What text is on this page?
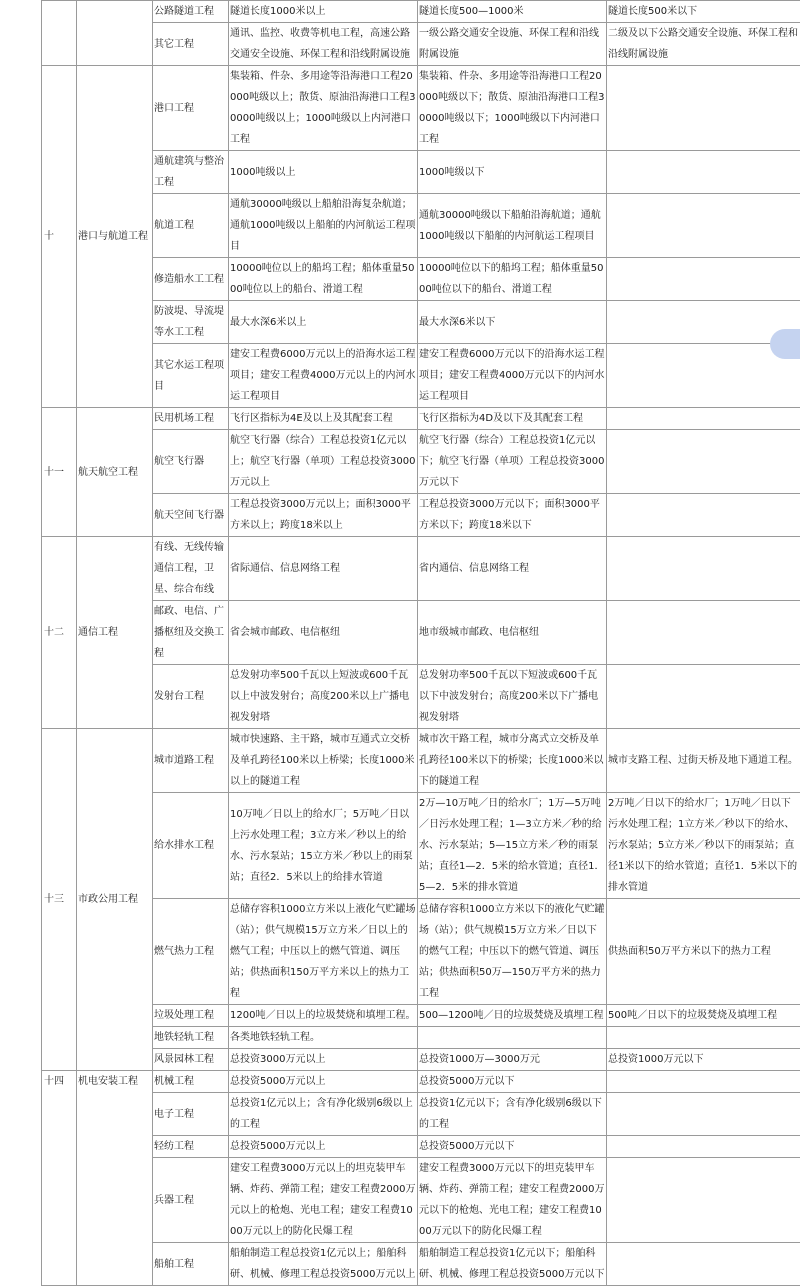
		公路隧道工程	隧道长度1000米以上	隧道长度500—1000米	隧道长度500米以下
		其它工程	通讯、监控、收费等机电工程，高速公路交通安全设施、环保工程和沿线附属设施	一级公路交通安全设施、环保工程和沿线附属设施	二级及以下公路交通安全设施、环保工程和沿线附属设施
十	港口与航道工程	港口工程	集装箱、件杂、多用途等沿海港口工程20000吨级以上；散货、原油沿海港口工程30000吨级以上；1000吨级以上内河港口工程	集装箱、件杂、多用途等沿海港口工程20000吨级以下；散货、原油沿海港口工程30000吨级以下；1000吨级以下内河港口工程	
		通航建筑与整治工程	1000吨级以上	1000吨级以下	
		航道工程	通航30000吨级以上船舶沿海复杂航道；通航1000吨级以上船舶的内河航运工程项目	通航30000吨级以下船舶沿海航道；通航1000吨级以下船舶的内河航运工程项目	
		修造船水工工程	10000吨位以上的船坞工程；船体重量5000吨位以上的船台、滑道工程	10000吨位以下的船坞工程；船体重量5000吨位以下的船台、滑道工程	
		防波堤、导流堤等水工工程	最大水深6米以上	最大水深6米以下	
		其它水运工程项目	建安工程费6000万元以上的沿海水运工程项目；建安工程费4000万元以上的内河水运工程项目	建安工程费6000万元以下的沿海水运工程项目；建安工程费4000万元以下的内河水运工程项目	
十一	航天航空工程	民用机场工程	飞行区指标为4E及以上及其配套工程	飞行区指标为4D及以下及其配套工程	
		航空飞行器	航空飞行器（综合）工程总投资1亿元以上；航空飞行器（单项）工程总投资3000万元以上	航空飞行器（综合）工程总投资1亿元以下；航空飞行器（单项）工程总投资3000万元以下	
		航天空间飞行器	工程总投资3000万元以上；面积3000平方米以上；跨度18米以上	工程总投资3000万元以下；面积3000平方米以下；跨度18米以下	
十二	通信工程	有线、无线传输通信工程，卫星、综合布线	省际通信、信息网络工程	省内通信、信息网络工程	
		邮政、电信、广播枢纽及交换工程	省会城市邮政、电信枢纽	地市级城市邮政、电信枢纽	
		发射台工程	总发射功率500千瓦以上短波或600千瓦以上中波发射台；高度200米以上广播电视发射塔	总发射功率500千瓦以下短波或600千瓦以下中波发射台；高度200米以下广播电视发射塔	
十三	市政公用工程	城市道路工程	城市快速路、主干路，城市互通式立交桥及单孔跨径100米以上桥梁；长度1000米以上的隧道工程	城市次干路工程，城市分离式立交桥及单孔跨径100米以下的桥梁；长度1000米以下的隧道工程	城市支路工程、过街天桥及地下通道工程。
		给水排水工程	10万吨／日以上的给水厂；5万吨／日以上污水处理工程；3立方米／秒以上的给水、污水泵站；15立方米／秒以上的雨泵站；直径2．5米以上的给排水管道	2万—10万吨／日的给水厂；1万—5万吨／日污水处理工程；1—3立方米／秒的给水、污水泵站；5—15立方米／秒的雨泵站；直径1—2．5米的给水管道；直径1．5—2．5米的排水管道	2万吨／日以下的给水厂；1万吨／日以下污水处理工程；1立方米／秒以下的给水、污水泵站；5立方米／秒以下的雨泵站；直径1米以下的给水管道；直径1．5米以下的排水管道
		燃气热力工程	总储存容积1000立方米以上液化气贮罐场（站）；供气规模15万立方米／日以上的燃气工程；中压以上的燃气管道、调压站；供热面积150万平方米以上的热力工程	总储存容积1000立方米以下的液化气贮罐场（站）；供气规模15万立方米／日以下的燃气工程；中压以下的燃气管道、调压站；供热面积50万—150万平方米的热力工程	供热面积50万平方米以下的热力工程
		垃圾处理工程	1200吨／日以上的垃圾焚烧和填埋工程。	500—1200吨／日的垃圾焚烧及填埋工程	500吨／日以下的垃圾焚烧及填埋工程
		地铁轻轨工程	各类地铁轻轨工程。		
		风景园林工程	总投资3000万元以上	总投资1000万—3000万元	总投资1000万元以下
十四	机电安装工程	机械工程	总投资5000万元以上	总投资5000万元以下	
		电子工程	总投资1亿元以上；含有净化级别6级以上的工程	总投资1亿元以下；含有净化级别6级以下的工程	
		轻纺工程	总投资5000万元以上	总投资5000万元以下	
		兵器工程	建安工程费3000万元以上的坦克装甲车辆、炸药、弹箭工程；建安工程费2000万元以上的枪炮、光电工程；建安工程费1000万元以上的防化民爆工程	建安工程费3000万元以下的坦克装甲车辆、炸药、弹箭工程；建安工程费2000万元以下的枪炮、光电工程；建安工程费1000万元以下的防化民爆工程	
		船舶工程	船舶制造工程总投资1亿元以上；船舶科研、机械、修理工程总投资5000万元以上	船舶制造工程总投资1亿元以下；船舶科研、机械、修理工程总投资5000万元以下	
